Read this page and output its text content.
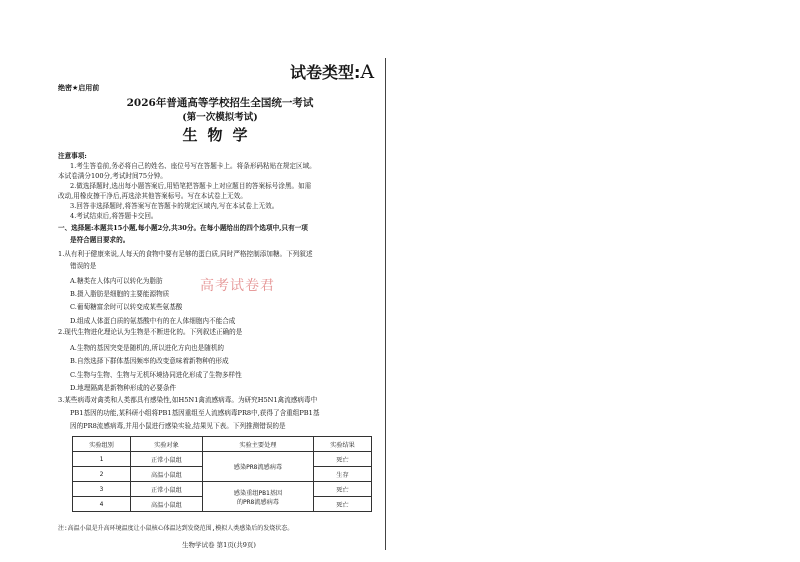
试卷类型:A
绝密★启用前
2026年普通高等学校招生全国统一考试
(第一次模拟考试)
生物学
注意事项:
1.考生答卷前,务必将自己的姓名、座位号写在答题卡上。将条形码粘贴在规定区域。
本试卷满分100分,考试时间75分钟。
2.做选择题时,选出每小题答案后,用铅笔把答题卡上对应题目的答案标号涂黑。如需
改动,用橡皮擦干净后,再选涂其他答案标号。写在本试卷上无效。
3.回答非选择题时,将答案写在答题卡的规定区域内,写在本试卷上无效。
4.考试结束后,将答题卡交回。
一、选择题:本题共15小题,每小题2分,共30分。在每小题给出的四个选项中,只有一项
是符合题目要求的。
1.从有利于健康来说,人每天的食物中要有足够的蛋白质,同时严格控制添加糖。下列叙述
错误的是
A.糖类在人体内可以转化为脂肪
B.摄入脂肪是细胞的主要能源物质
C.葡萄糖富余时可以转变成某些氨基酸
D.组成人体蛋白质的氨基酸中有的在人体细胞内不能合成
高考试卷君
2.现代生物进化理论认为生物是不断进化的。下列叙述正确的是
A.生物的基因突变是随机的,所以进化方向也是随机的
B.自然选择下群体基因频率的改变意味着新物种的形成
C.生物与生物、生物与无机环境协同进化形成了生物多样性
D.地理隔离是新物种形成的必要条件
3.某些病毒对禽类和人类都具有感染性,如H5N1禽流感病毒。为研究H5N1禽流感病毒中
PB1基因的功能,某科研小组将PB1基因重组至人流感病毒PR8中,获得了含重组PB1基
因的PR8流感病毒,并用小鼠进行感染实验,结果见下表。下列推测错误的是
实验组别	实验对象	实验主要处理	实验结果
1	正常小鼠组	感染PR8流感病毒	死亡
2	高温小鼠组		生存
3	正常小鼠组	感染重组PB1基因
的PR8流感病毒	死亡
4	高温小鼠组		死亡
注:高温小鼠是升高环境温度让小鼠核心体温达到发烧范围,模拟人类感染后的发烧状态。
生物学试卷 第1页(共9页)
